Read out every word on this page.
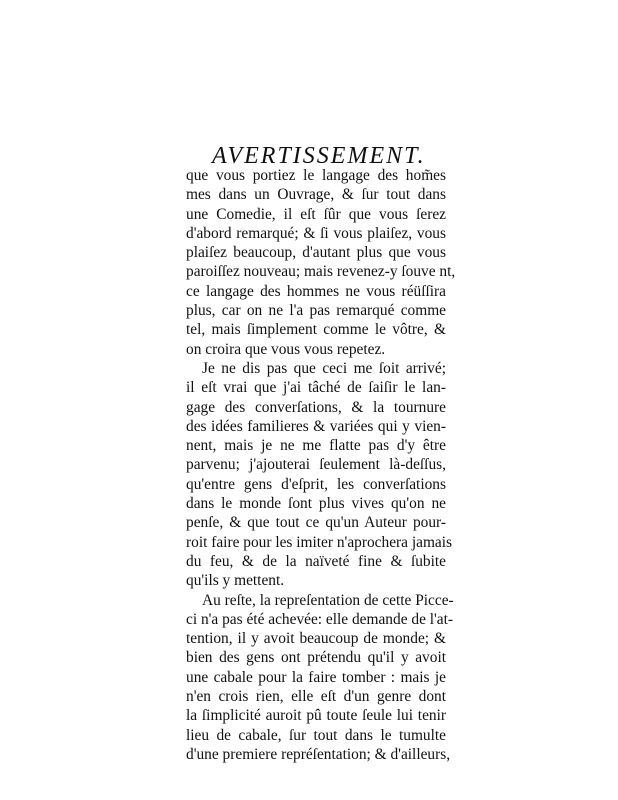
AVERTISSEMENT.
que vous portiez le langage des hom̃es
mes dans un Ouvrage, & ſur tout dans
une Comedie, il eſt ſûr que vous ſerez
d'abord remarqué; & ſi vous plaiſez, vous
plaiſez beaucoup, d'autant plus que vous
paroiſſez nouveau; mais revenez-y ſouve nt,
ce langage des hommes ne vous réüſſira
plus, car on ne l'a pas remarqué comme
tel, mais ſimplement comme le vôtre, &
on croira que vous vous repetez.
Je ne dis pas que ceci me ſoit arrivé;
il eſt vrai que j'ai tâché de ſaiſir le lan-
gage des converſations, & la tournure
des idées familieres & variées qui y vien-
nent, mais je ne me flatte pas d'y être
parvenu; j'ajouterai ſeulement là-deſſus,
qu'entre gens d'eſprit, les converſations
dans le monde ſont plus vives qu'on ne
penſe, & que tout ce qu'un Auteur pour-
roit faire pour les imiter n'aprochera jamais
du feu, & de la naïveté fine & ſubite
qu'ils y mettent.
Au reſte, la repreſentation de cette Picce-
ci n'a pas été achevée: elle demande de l'at-
tention, il y avoit beaucoup de monde; &
bien des gens ont prétendu qu'il y avoit
une cabale pour la faire tomber : mais je
n'en crois rien, elle eſt d'un genre dont
la ſimplicité auroit pû toute ſeule lui tenir
lieu de cabale, ſur tout dans le tumulte
d'une premiere repréſentation; & d'ailleurs,
